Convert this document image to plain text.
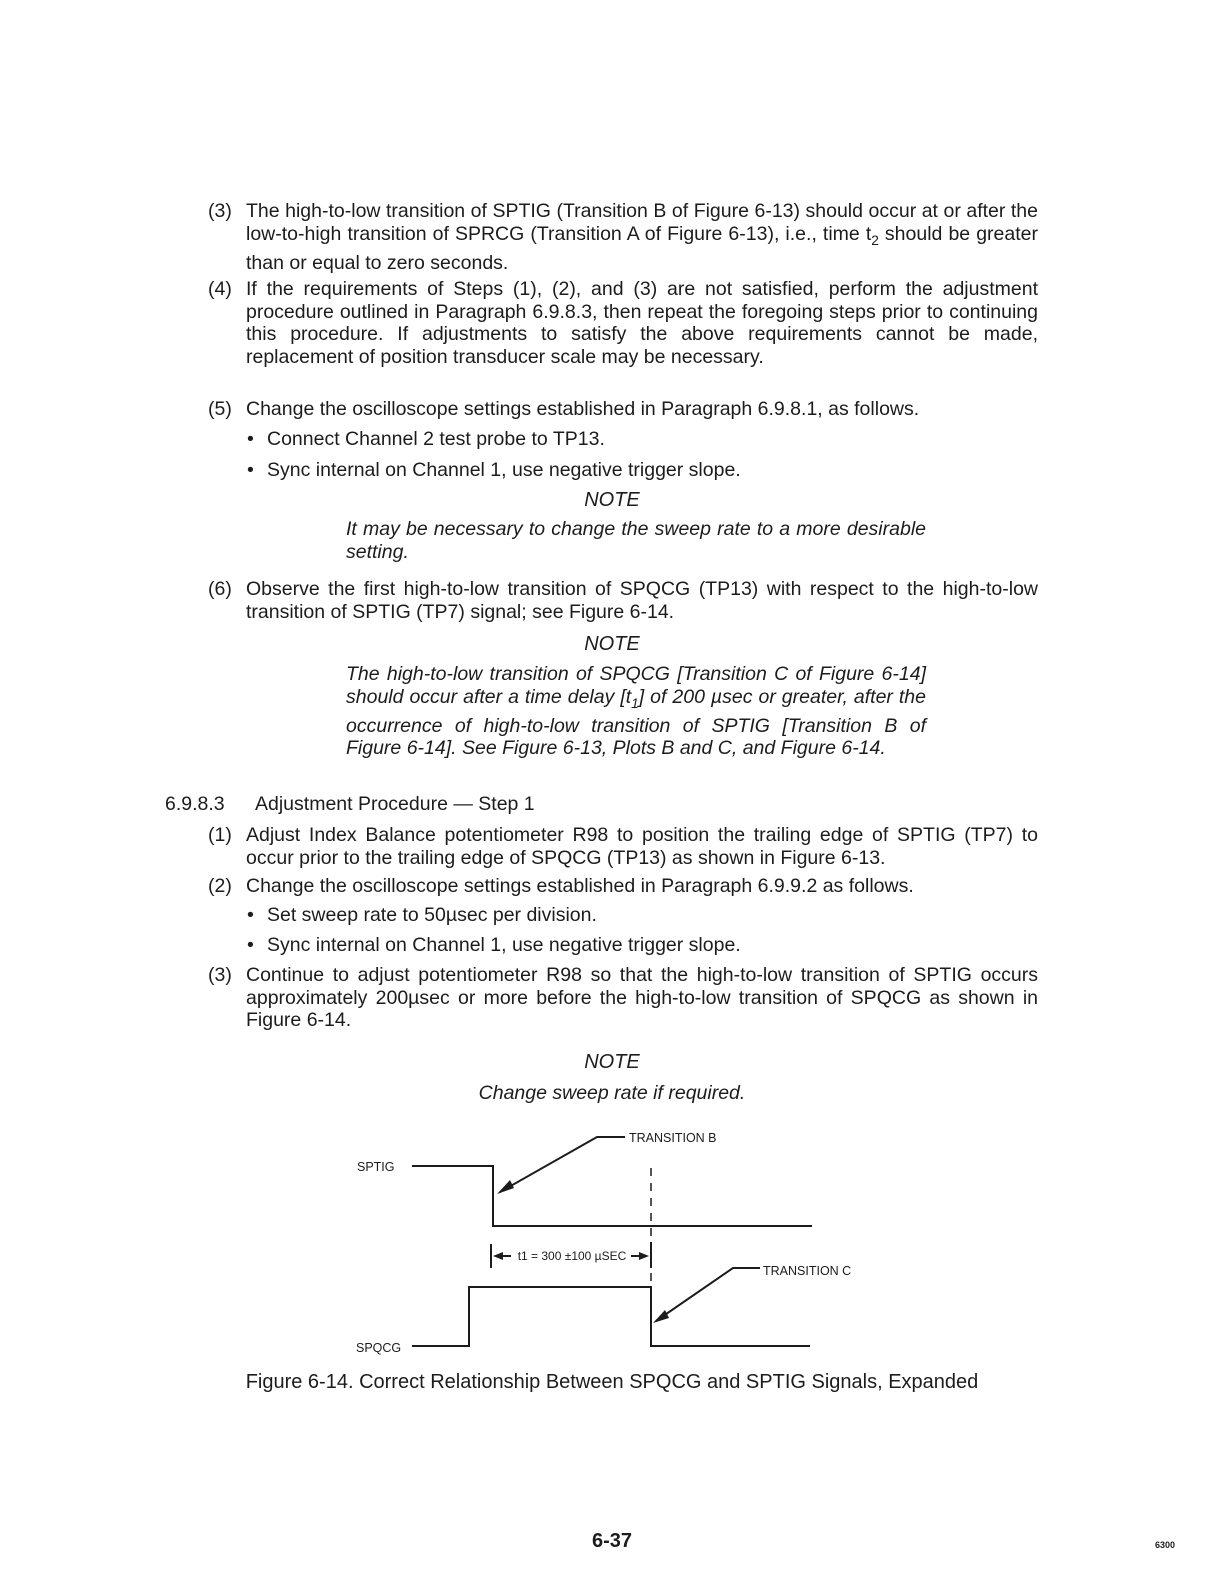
(3) The high-to-low transition of SPTIG (Transition B of Figure 6-13) should occur at or after the low-to-high transition of SPRCG (Transition A of Figure 6-13), i.e., time $t_2$ should be greater than or equal to zero seconds.
(4) If the requirements of Steps (1), (2), and (3) are not satisfied, perform the adjustment procedure outlined in Paragraph 6.9.8.3, then repeat the foregoing steps prior to continuing this procedure. If adjustments to satisfy the above requirements cannot be made, replacement of position transducer scale may be necessary.
(5) Change the oscilloscope settings established in Paragraph 6.9.8.1, as follows.
• Connect Channel 2 test probe to TP13.
• Sync internal on Channel 1, use negative trigger slope.
NOTE
It may be necessary to change the sweep rate to a more desirable setting.
(6) Observe the first high-to-low transition of SPQCG (TP13) with respect to the high-to-low transition of SPTIG (TP7) signal; see Figure 6-14.
NOTE
The high-to-low transition of SPQCG [Transition C of Figure 6-14] should occur after a time delay $[t_1]$ of 200 µsec or greater, after the occurrence of high-to-low transition of SPTIG [Transition B of Figure 6-14]. See Figure 6-13, Plots B and C, and Figure 6-14.
6.9.8.3 Adjustment Procedure — Step 1
(1) Adjust Index Balance potentiometer R98 to position the trailing edge of SPTIG (TP7) to occur prior to the trailing edge of SPQCG (TP13) as shown in Figure 6-13.
(2) Change the oscilloscope settings established in Paragraph 6.9.9.2 as follows.
• Set sweep rate to 50µsec per division.
• Sync internal on Channel 1, use negative trigger slope.
(3) Continue to adjust potentiometer R98 so that the high-to-low transition of SPTIG occurs approximately 200µsec or more before the high-to-low transition of SPQCG as shown in Figure 6-14.
NOTE
Change sweep rate if required.
SPTIG
SPQCG
TRANSITION B
TRANSITION C
t1 = 300 ±100 µSEC
Figure 6-14. Correct Relationship Between SPQCG and SPTIG Signals, Expanded
6-37	6300
